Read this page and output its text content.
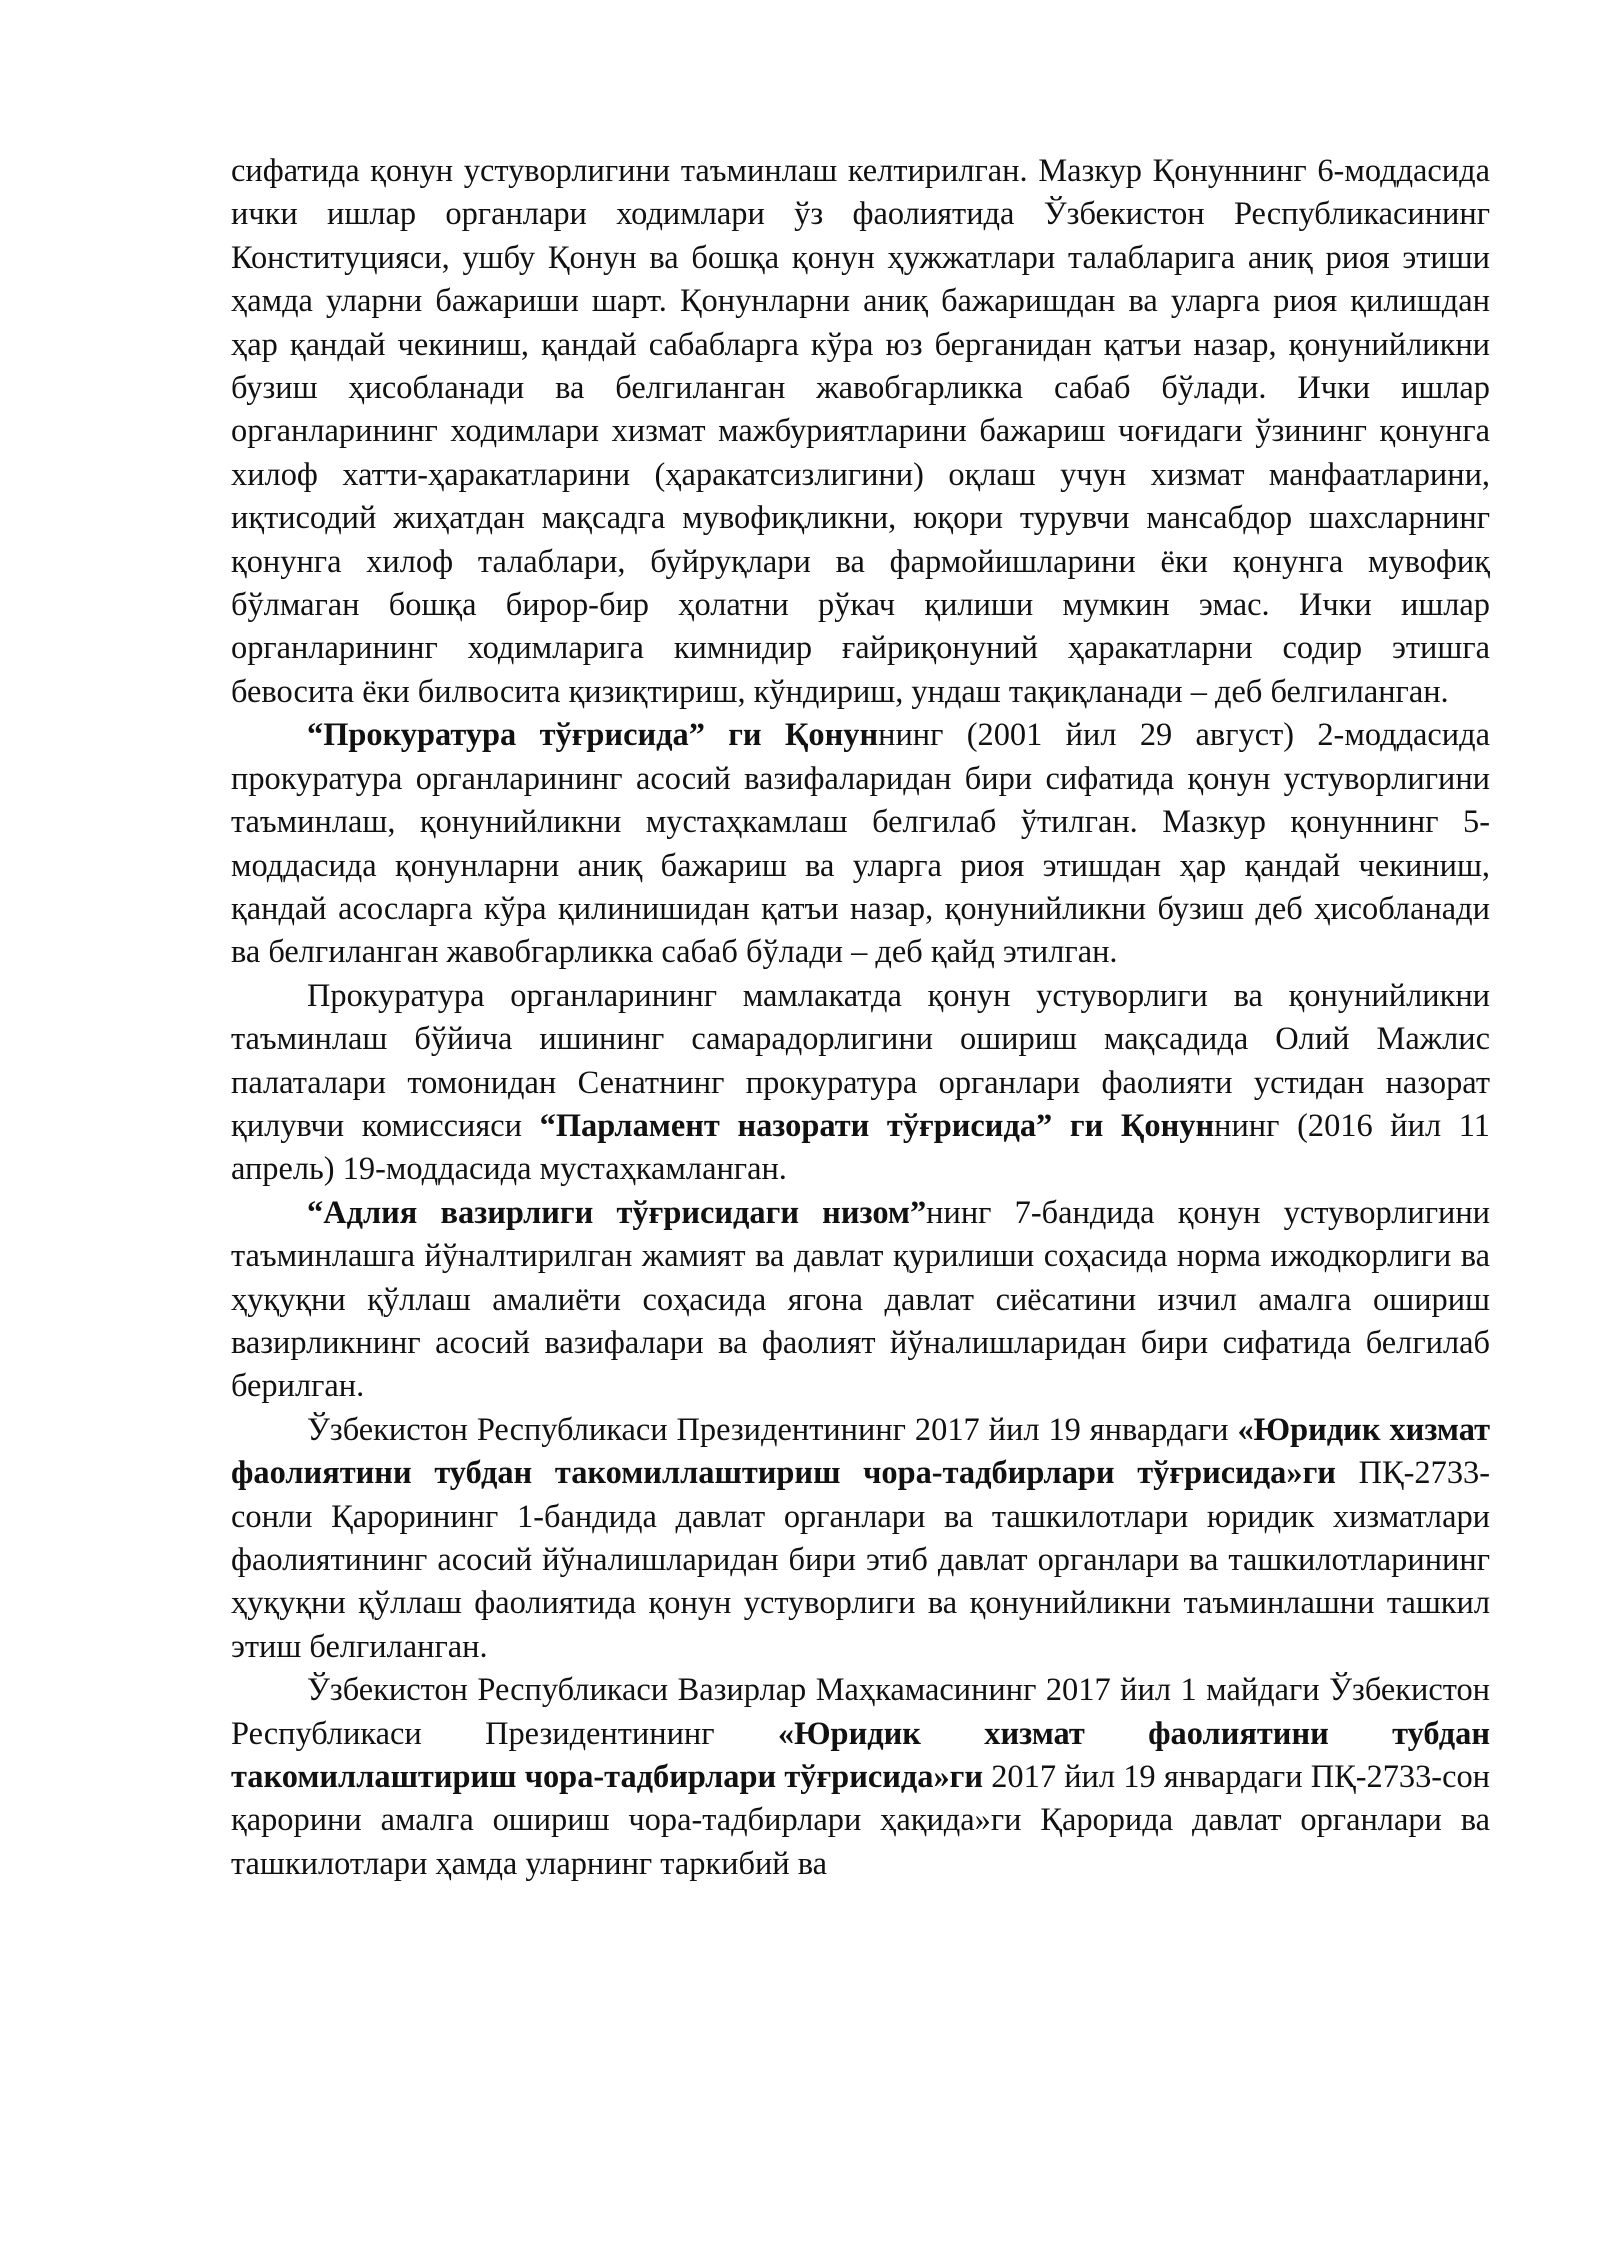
сифатида қонун устуворлигини таъминлаш келтирилган. Мазкур Қонуннинг 6-моддасида ички ишлар органлари ходимлари ўз фаолиятида Ўзбекистон Республикасининг Конституцияси, ушбу Қонун ва бошқа қонун ҳужжатлари талабларига аниқ риоя этиши ҳамда уларни бажариши шарт. Қонунларни аниқ бажаришдан ва уларга риоя қилишдан ҳар қандай чекиниш, қандай сабабларга кўра юз берганидан қатъи назар, қонунийликни бузиш ҳисобланади ва белгиланган жавобгарликка сабаб бўлади. Ички ишлар органларининг ходимлари хизмат мажбуриятларини бажариш чоғидаги ўзининг қонунга хилоф хатти-ҳаракатларини (ҳаракатсизлигини) оқлаш учун хизмат манфаатларини, иқтисодий жиҳатдан мақсадга мувофиқликни, юқори турувчи мансабдор шахсларнинг қонунга хилоф талаблари, буйруқлари ва фармойишларини ёки қонунга мувофиқ бўлмаган бошқа бирор-бир ҳолатни рўкач қилиши мумкин эмас. Ички ишлар органларининг ходимларига кимнидир ғайриқонуний ҳаракатларни содир этишга бевосита ёки билвосита қизиқтириш, кўндириш, ундаш тақиқланади – деб белгиланган.

“Прокуратура тўғрисида” ги Қонуннинг (2001 йил 29 август) 2-моддасида прокуратура органларининг асосий вазифаларидан бири сифатида қонун устуворлигини таъминлаш, қонунийликни мустаҳкамлаш белгилаб ўтилган. Мазкур қонуннинг 5-моддасида қонунларни аниқ бажариш ва уларга риоя этишдан ҳар қандай чекиниш, қандай асосларга кўра қилинишидан қатъи назар, қонунийликни бузиш деб ҳисобланади ва белгиланган жавобгарликка сабаб бўлади – деб қайд этилган.

Прокуратура органларининг мамлакатда қонун устуворлиги ва қонунийликни таъминлаш бўйича ишининг самарадорлигини ошириш мақсадида Олий Мажлис палаталари томонидан Сенатнинг прокуратура органлари фаолияти устидан назорат қилувчи комиссияси “Парламент назорати тўғрисида” ги Қонуннинг (2016 йил 11 апрель) 19-моддасида мустаҳкамланган.

“Адлия вазирлиги тўғрисидаги низом”нинг 7-бандида қонун устуворлигини таъминлашга йўналтирилган жамият ва давлат қурилиши соҳасида норма ижодкорлиги ва ҳуқуқни қўллаш амалиёти соҳасида ягона давлат сиёсатини изчил амалга ошириш вазирликнинг асосий вазифалари ва фаолият йўналишларидан бири сифатида белгилаб берилган.

Ўзбекистон Республикаси Президентининг 2017 йил 19 январдаги «Юридик хизмат фаолиятини тубдан такомиллаштириш чора-тадбирлари тўғрисида»ги ПҚ-2733-сонли Қарорининг 1-бандида давлат органлари ва ташкилотлари юридик хизматлари фаолиятининг асосий йўналишларидан бири этиб давлат органлари ва ташкилотларининг ҳуқуқни қўллаш фаолиятида қонун устуворлиги ва қонунийликни таъминлашни ташкил этиш белгиланган.

Ўзбекистон Республикаси Вазирлар Маҳкамасининг 2017 йил 1 майдаги Ўзбекистон Республикаси Президентининг «Юридик хизмат фаолиятини тубдан такомиллаштириш чора-тадбирлари тўғрисида»ги 2017 йил 19 январдаги ПҚ-2733-сон қарорини амалга ошириш чора-тадбирлари ҳақида»ги Қарорида давлат органлари ва ташкилотлари ҳамда уларнинг таркибий ва
